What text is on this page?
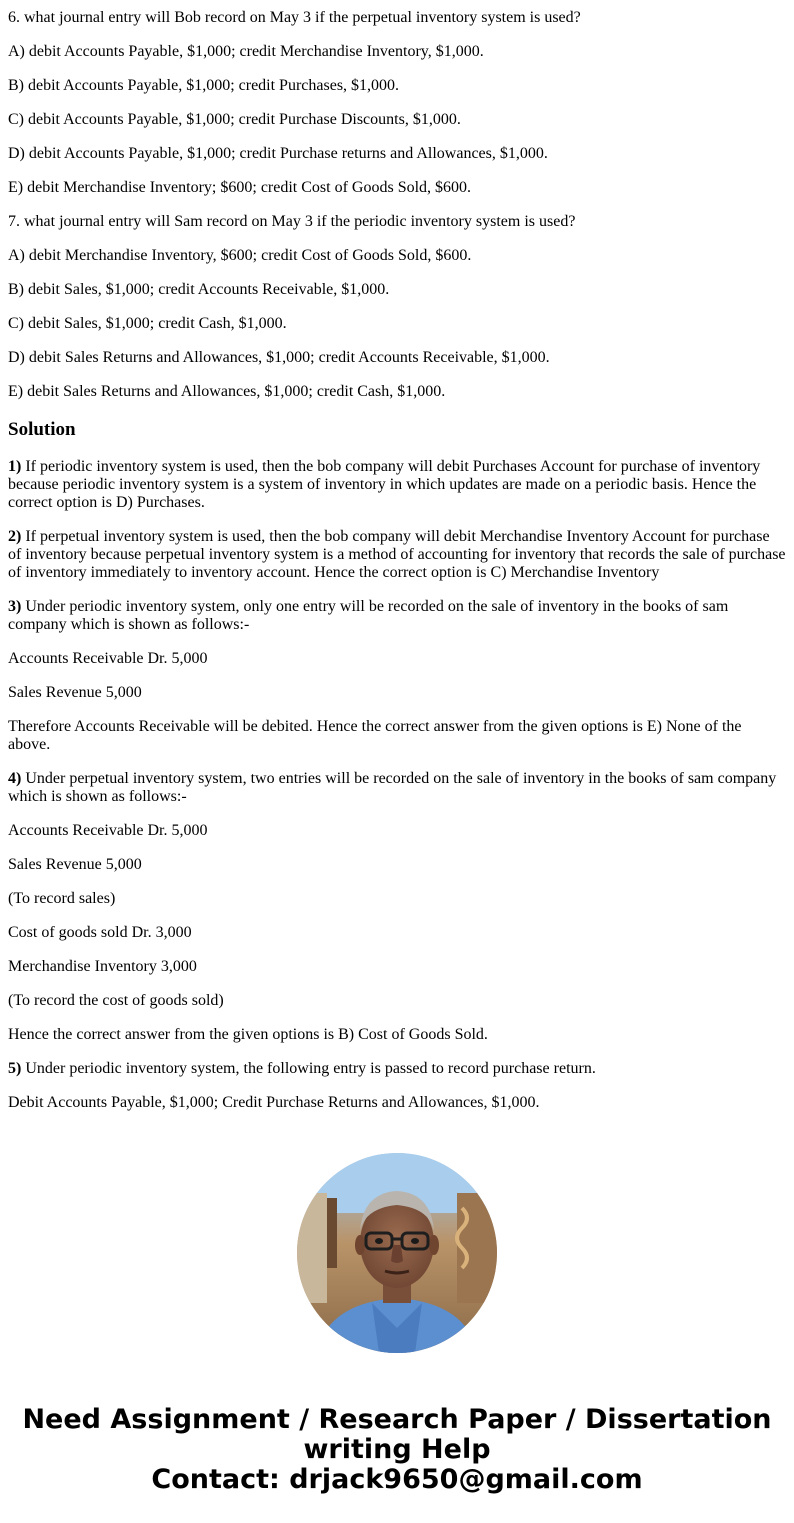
6. what journal entry will Bob record on May 3 if the perpetual inventory system is used?

A) debit Accounts Payable, $1,000; credit Merchandise Inventory, $1,000.

B) debit Accounts Payable, $1,000; credit Purchases, $1,000.

C) debit Accounts Payable, $1,000; credit Purchase Discounts, $1,000.

D) debit Accounts Payable, $1,000; credit Purchase returns and Allowances, $1,000.

E) debit Merchandise Inventory; $600; credit Cost of Goods Sold, $600.

7. what journal entry will Sam record on May 3 if the periodic inventory system is used?

A) debit Merchandise Inventory, $600; credit Cost of Goods Sold, $600.

B) debit Sales, $1,000; credit Accounts Receivable, $1,000.

C) debit Sales, $1,000; credit Cash, $1,000.

D) debit Sales Returns and Allowances, $1,000; credit Accounts Receivable, $1,000.

E) debit Sales Returns and Allowances, $1,000; credit Cash, $1,000.

Solution

1) If periodic inventory system is used, then the bob company will debit Purchases Account for purchase of inventory because periodic inventory system is a system of inventory in which updates are made on a periodic basis. Hence the correct option is D) Purchases.

2) If perpetual inventory system is used, then the bob company will debit Merchandise Inventory Account for purchase of inventory because perpetual inventory system is a method of accounting for inventory that records the sale of purchase of inventory immediately to inventory account. Hence the correct option is C) Merchandise Inventory

3) Under periodic inventory system, only one entry will be recorded on the sale of inventory in the books of sam company which is shown as follows:-

Accounts Receivable Dr. 5,000

Sales Revenue 5,000

Therefore Accounts Receivable will be debited. Hence the correct answer from the given options is E) None of the above.

4) Under perpetual inventory system, two entries will be recorded on the sale of inventory in the books of sam company which is shown as follows:-

Accounts Receivable Dr. 5,000

Sales Revenue 5,000

(To record sales)

Cost of goods sold Dr. 3,000

Merchandise Inventory 3,000

(To record the cost of goods sold)

Hence the correct answer from the given options is B) Cost of Goods Sold.

5) Under periodic inventory system, the following entry is passed to record purchase return.

Debit Accounts Payable, $1,000; Credit Purchase Returns and Allowances, $1,000.

Need Assignment / Research Paper / Dissertation
writing Help
Contact: drjack9650@gmail.com
